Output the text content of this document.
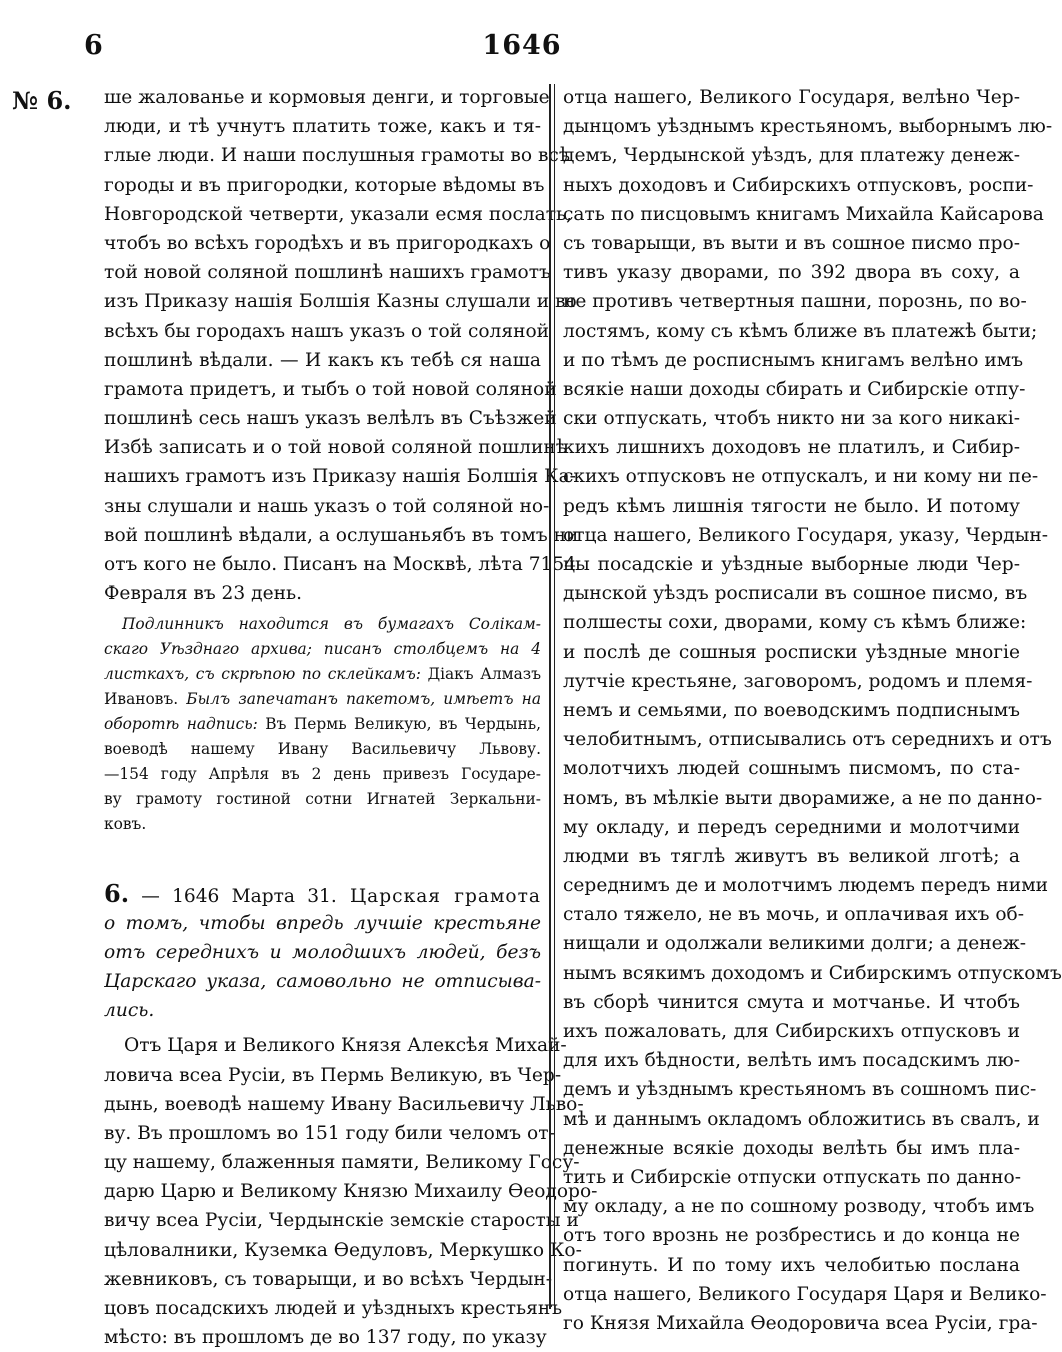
6	1646
№ 6. ше жалованье и кормовыя денги, и торговые
люди, и тѣ учнутъ платить тоже, какъ и тя-
глые люди. И наши послушныя грамоты во всѣ
городы и въ пригородки, которые вѣдомы въ
Новгородской четверти, указали есмя послать,
чтобъ во всѣхъ городѣхъ и въ пригородкахъ о
той новой соляной пошлинѣ нашихъ грамотъ
изъ Приказу нашія Болшія Казны слушали и во
всѣхъ бы городахъ нашъ указъ о той соляной
пошлинѣ вѣдали. — И какъ къ тебѣ ся наша
грамота придетъ, и тыбъ о той новой соляной
пошлинѣ сесь нашъ указъ велѣлъ въ Съѣзжей
Избѣ записать и о той новой соляной пошлинѣ
нашихъ грамотъ изъ Приказу нашія Болшія Ка-
зны слушали и нашь указъ о той соляной но-
вой пошлинѣ вѣдали, а ослушаньябъ въ томъ ни
отъ кого не было. Писанъ на Москвѣ, лѣта 7154
Февраля въ 23 день.
Подлинникъ находится въ бумагахъ Солікам-
скаго Уѣзднаго архива; писанъ столбцемъ на 4
листкахъ, съ скрѣпою по склейкамъ: Діакъ Алмазъ
Ивановъ. Былъ запечатанъ пакетомъ, имѣетъ на
оборотѣ надпись: Въ Пермь Великую, въ Чердынь,
воеводѣ нашему Ивану Васильевичу Львову.
—154 году Апрѣля въ 2 день привезъ Государе-
ву грамоту гостиной сотни Игнатей Зеркальни-
ковъ.
6. — 1646 Марта 31. Царская грамота
о томъ, чтобы впредь лучшіе крестьяне
отъ середнихъ и молодшихъ людей, безъ
Царскаго указа, самовольно не отписыва-
лись.
Отъ Царя и Великого Князя Алексѣя Михай-
ловича всеа Русіи, въ Пермь Великую, въ Чер-
дынь, воеводѣ нашему Ивану Васильевичу Льво-
ву. Въ прошломъ во 151 году били челомъ от-
цу нашему, блаженныя памяти, Великому Госу-
дарю Царю и Великому Князю Михаилу Ѳеодоро-
вичу всеа Русіи, Чердынскіе земскіе старосты и
цѣловалники, Куземка Ѳедуловъ, Меркушко Ко-
жевниковъ, съ товарыщи, и во всѣхъ Чердын-
цовъ посадскихъ людей и уѣздныхъ крестьянъ
мѣсто: въ прошломъ де во 137 году, по указу
отца нашего, Великого Государя, велѣно Чер-
дынцомъ уѣзднымъ крестьяномъ, выборнымъ лю-
демъ, Чердынской уѣздъ, для платежу денеж-
ныхъ доходовъ и Сибирскихъ отпусковъ, роспи-
сать по писцовымъ книгамъ Михайла Кайсарова
съ товарыщи, въ выти и въ сошное писмо про-
тивъ указу дворами, по 392 двора въ соху, а
не противъ четвертныя пашни, порознь, по во-
лостямъ, кому съ кѣмъ ближе въ платежѣ быти;
и по тѣмъ де росписнымъ книгамъ велѣно имъ
всякіе наши доходы сбирать и Сибирскіе отпу-
ски отпускать, чтобъ никто ни за кого никакі-
кихъ лишнихъ доходовъ не платилъ, и Сибир-
скихъ отпусковъ не отпускалъ, и ни кому ни пе-
редъ кѣмъ лишнія тягости не было. И потому
отца нашего, Великого Государя, указу, Чердын-
цы посадскіе и уѣздные выборные люди Чер-
дынской уѣздъ росписали въ сошное писмо, въ
полшесты сохи, дворами, кому съ кѣмъ ближе:
и послѣ де сошныя росписки уѣздные многіе
лутчіе крестьяне, заговоромъ, родомъ и племя-
немъ и семьями, по воеводскимъ подписнымъ
челобитнымъ, отписывались отъ середнихъ и отъ
молотчихъ людей сошнымъ писмомъ, по ста-
номъ, въ мѣлкіе выти дворамиже, а не по данно-
му окладу, и передъ середними и молотчими
людми въ тяглѣ живутъ въ великой лготѣ; а
середнимъ де и молотчимъ людемъ передъ ними
стало тяжело, не въ мочь, и оплачивая ихъ об-
нищали и одолжали великими долги; а денеж-
нымъ всякимъ доходомъ и Сибирскимъ отпускомъ
въ сборѣ чинится смута и мотчанье. И чтобъ
ихъ пожаловать, для Сибирскихъ отпусковъ и
для ихъ бѣдности, велѣть имъ посадскимъ лю-
демъ и уѣзднымъ крестьяномъ въ сошномъ пис-
мѣ и даннымъ окладомъ обложитись въ свалъ, и
денежные всякіе доходы велѣть бы имъ пла-
тить и Сибирскіе отпуски отпускать по данно-
му окладу, а не по сошному розводу, чтобъ имъ
отъ того врознь не розбрестись и до конца не
погинуть. И по тому ихъ челобитью послана
отца нашего, Великого Государя Царя и Велико-
го Князя Михайла Ѳеодоровича всеа Русіи, гра-
